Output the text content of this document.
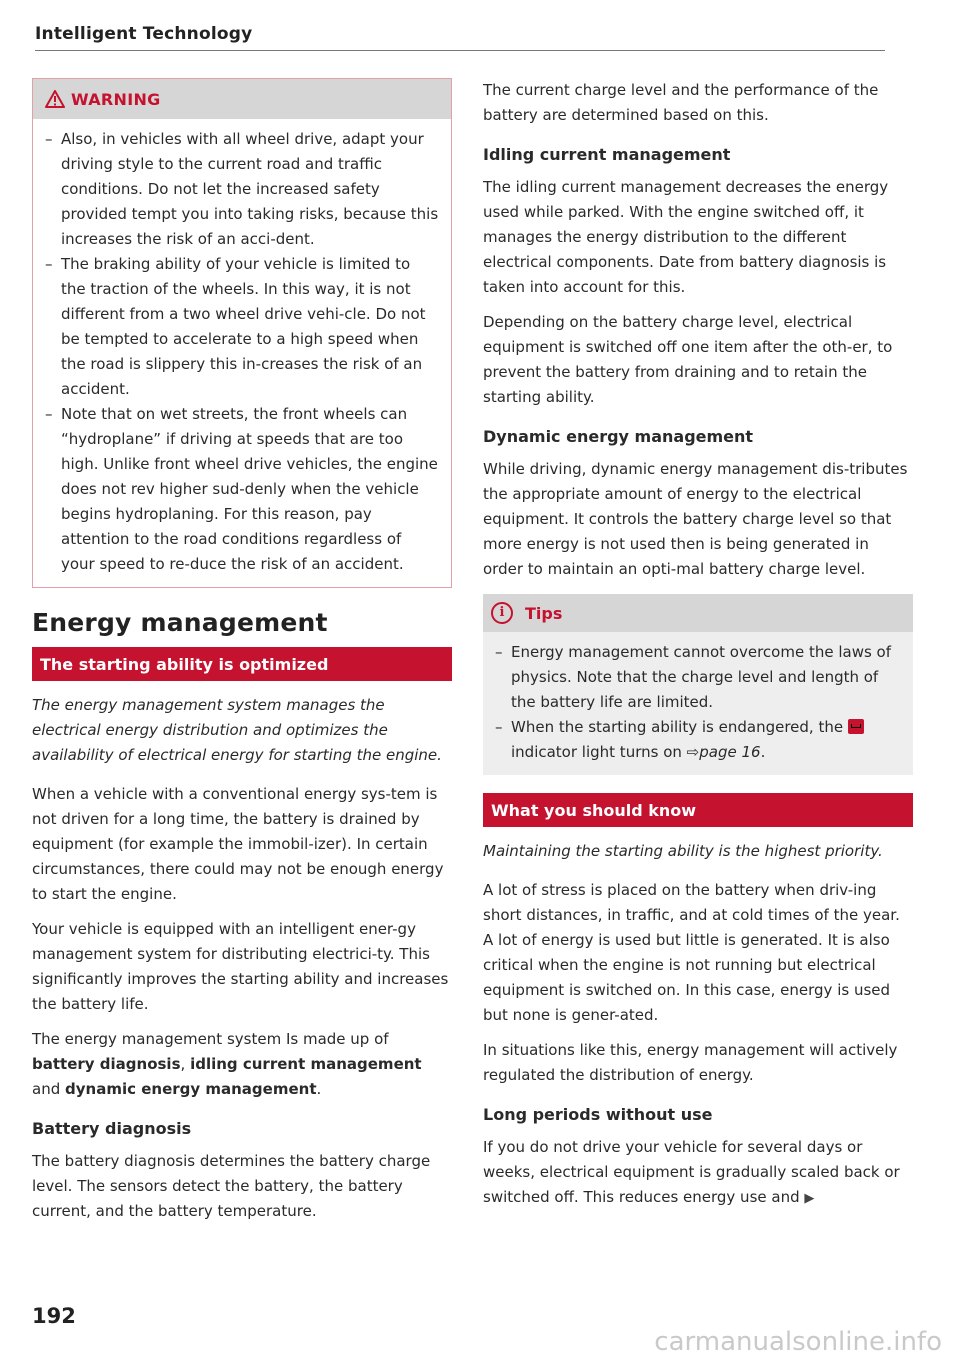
Intelligent Technology
WARNING
– Also, in vehicles with all wheel drive, adapt your driving style to the current road and traffic conditions. Do not let the increased safety provided tempt you into taking risks, because this increases the risk of an acci-dent.
– The braking ability of your vehicle is limited to the traction of the wheels. In this way, it is not different from a two wheel drive vehi-cle. Do not be tempted to accelerate to a high speed when the road is slippery this in-creases the risk of an accident.
– Note that on wet streets, the front wheels can “hydroplane” if driving at speeds that are too high. Unlike front wheel drive vehicles, the engine does not rev higher sud-denly when the vehicle begins hydroplaning. For this reason, pay attention to the road conditions regardless of your speed to re-duce the risk of an accident.
Energy management
The starting ability is optimized

The energy management system manages the electrical energy distribution and optimizes the availability of electrical energy for starting the engine.

When a vehicle with a conventional energy sys-tem is not driven for a long time, the battery is drained by equipment (for example the immobil-izer). In certain circumstances, there could may not be enough energy to start the engine.

Your vehicle is equipped with an intelligent ener-gy management system for distributing electrici-ty. This significantly improves the starting ability and increases the battery life.

The energy management system Is made up of battery diagnosis, idling current management and dynamic energy management.

Battery diagnosis

The battery diagnosis determines the battery charge level. The sensors detect the battery, the battery current, and the battery temperature.

The current charge level and the performance of the battery are determined based on this.

Idling current management

The idling current management decreases the energy used while parked. With the engine switched off, it manages the energy distribution to the different electrical components. Date from battery diagnosis is taken into account for this.

Depending on the battery charge level, electrical equipment is switched off one item after the oth-er, to prevent the battery from draining and to retain the starting ability.

Dynamic energy management

While driving, dynamic energy management dis-tributes the appropriate amount of energy to the electrical equipment. It controls the battery charge level so that more energy is not used then is being generated in order to maintain an opti-mal battery charge level.

i	Tips
– Energy management cannot overcome the laws of physics. Note that the charge level and length of the battery life are limited.
– When the starting ability is endangered, the indicator light turns on ⇨page 16.
What you should know

Maintaining the starting ability is the highest priority.

A lot of stress is placed on the battery when driv-ing short distances, in traffic, and at cold times of the year. A lot of energy is used but little is generated. It is also critical when the engine is not running but electrical equipment is switched on. In this case, energy is used but none is gener-ated.

In situations like this, energy management will actively regulated the distribution of energy.

Long periods without use

If you do not drive your vehicle for several days or weeks, electrical equipment is gradually scaled back or switched off. This reduces energy use and ▶

192
carmanualsonline.info
